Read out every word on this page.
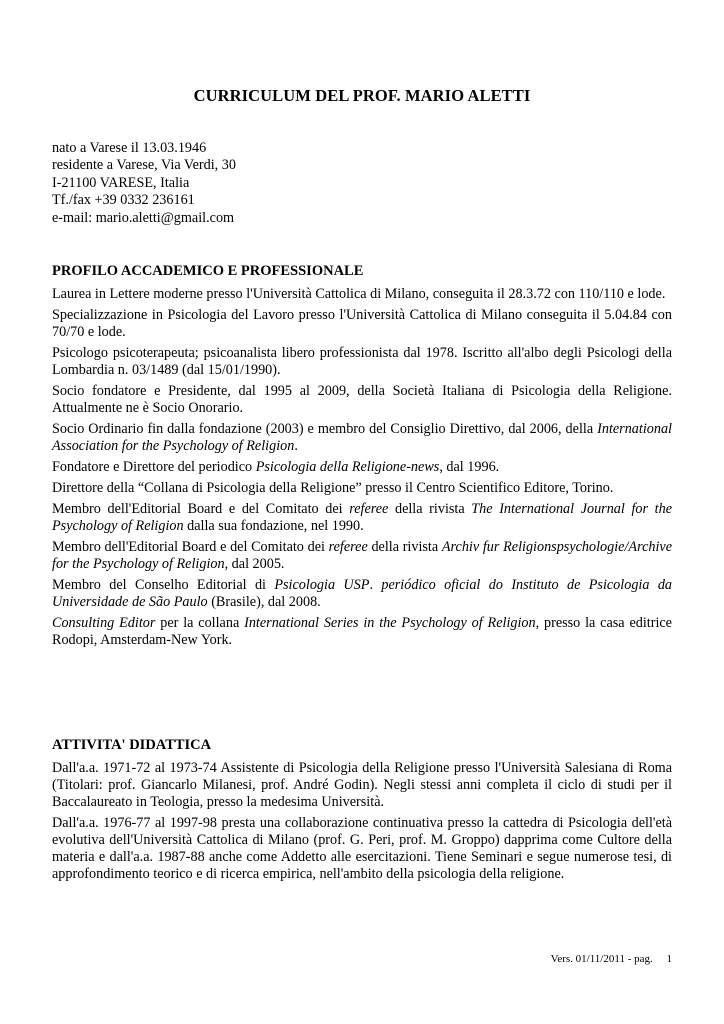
CURRICULUM DEL PROF. MARIO ALETTI
nato a Varese il 13.03.1946
residente a Varese, Via Verdi, 30
I-21100 VARESE, Italia
Tf./fax +39 0332 236161
e-mail: mario.aletti@gmail.com
PROFILO ACCADEMICO E PROFESSIONALE

Laurea in Lettere moderne presso l'Università Cattolica di Milano, conseguita il 28.3.72 con 110/110 e lode.

Specializzazione in Psicologia del Lavoro presso l'Università Cattolica di Milano conseguita il 5.04.84 con 70/70 e lode.

Psicologo psicoterapeuta; psicoanalista libero professionista dal 1978. Iscritto all'albo degli Psicologi della Lombardia n. 03/1489 (dal 15/01/1990).

Socio fondatore e Presidente, dal 1995 al 2009, della Società Italiana di Psicologia della Religione. Attualmente ne è Socio Onorario.

Socio Ordinario fin dalla fondazione (2003) e membro del Consiglio Direttivo, dal 2006, della International Association for the Psychology of Religion.

Fondatore e Direttore del periodico Psicologia della Religione-news, dal 1996.

Direttore della “Collana di Psicologia della Religione” presso il Centro Scientifico Editore, Torino.

Membro dell'Editorial Board e del Comitato dei referee della rivista The International Journal for the Psychology of Religion dalla sua fondazione, nel 1990.

Membro dell'Editorial Board e del Comitato dei referee della rivista Archiv fur Religionspsychologie/Archive for the Psychology of Religion, dal 2005.

Membro del Conselho Editorial di Psicologia USP. periódico oficial do Instituto de Psicologia da Universidade de São Paulo (Brasile), dal 2008.

Consulting Editor per la collana International Series in the Psychology of Religion, presso la casa editrice Rodopi, Amsterdam-New York.

ATTIVITA' DIDATTICA

Dall'a.a. 1971-72 al 1973-74 Assistente di Psicologia della Religione presso l'Università Salesiana di Roma (Titolari: prof. Giancarlo Milanesi, prof. André Godin). Negli stessi anni completa il ciclo di studi per il Baccalaureato in Teologia, presso la medesima Università.

Dall'a.a. 1976-77 al 1997-98 presta una collaborazione continuativa presso la cattedra di Psicologia dell'età evolutiva dell'Università Cattolica di Milano (prof. G. Peri, prof. M. Groppo) dapprima come Cultore della materia e dall'a.a. 1987-88 anche come Addetto alle esercitazioni. Tiene Seminari e segue numerose tesi, di approfondimento teorico e di ricerca empirica, nell'ambito della psicologia della religione.

Vers. 01/11/2011 - pag. 1
